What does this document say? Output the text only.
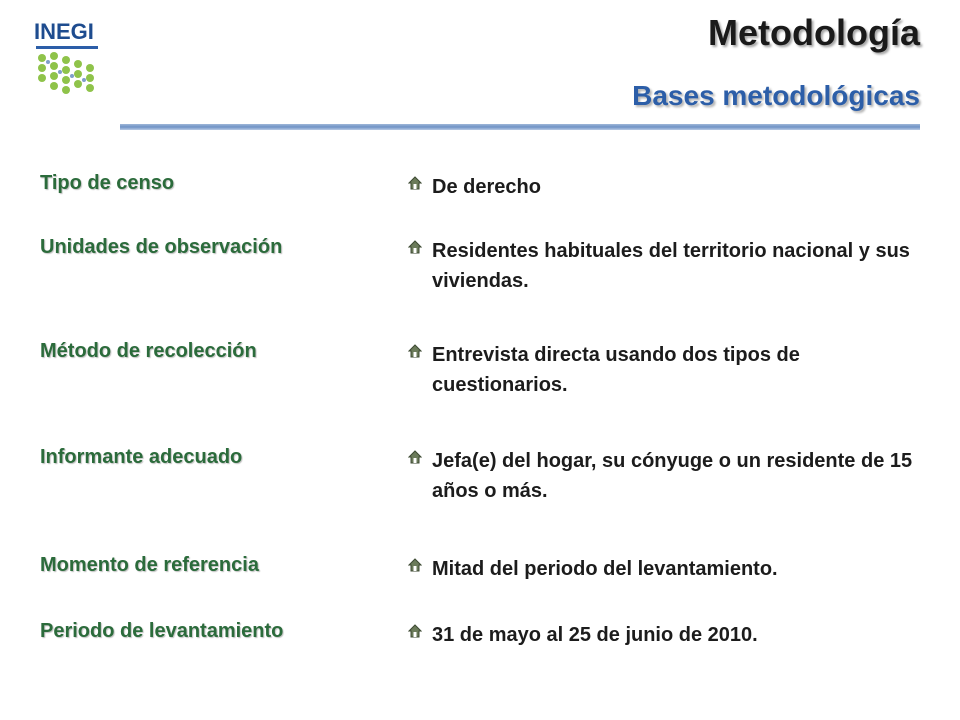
INEGI	Metodología
Bases metodológicas
Tipo de censo	De derecho
Unidades de observación	Residentes habituales del territorio nacional y sus viviendas.
Método de recolección	Entrevista directa usando dos tipos de cuestionarios.
Informante adecuado	Jefa(e) del hogar, su cónyuge o un residente de 15 años o más.
Momento de referencia	Mitad del periodo del levantamiento.
Periodo de levantamiento	31 de mayo al 25 de junio de 2010.
